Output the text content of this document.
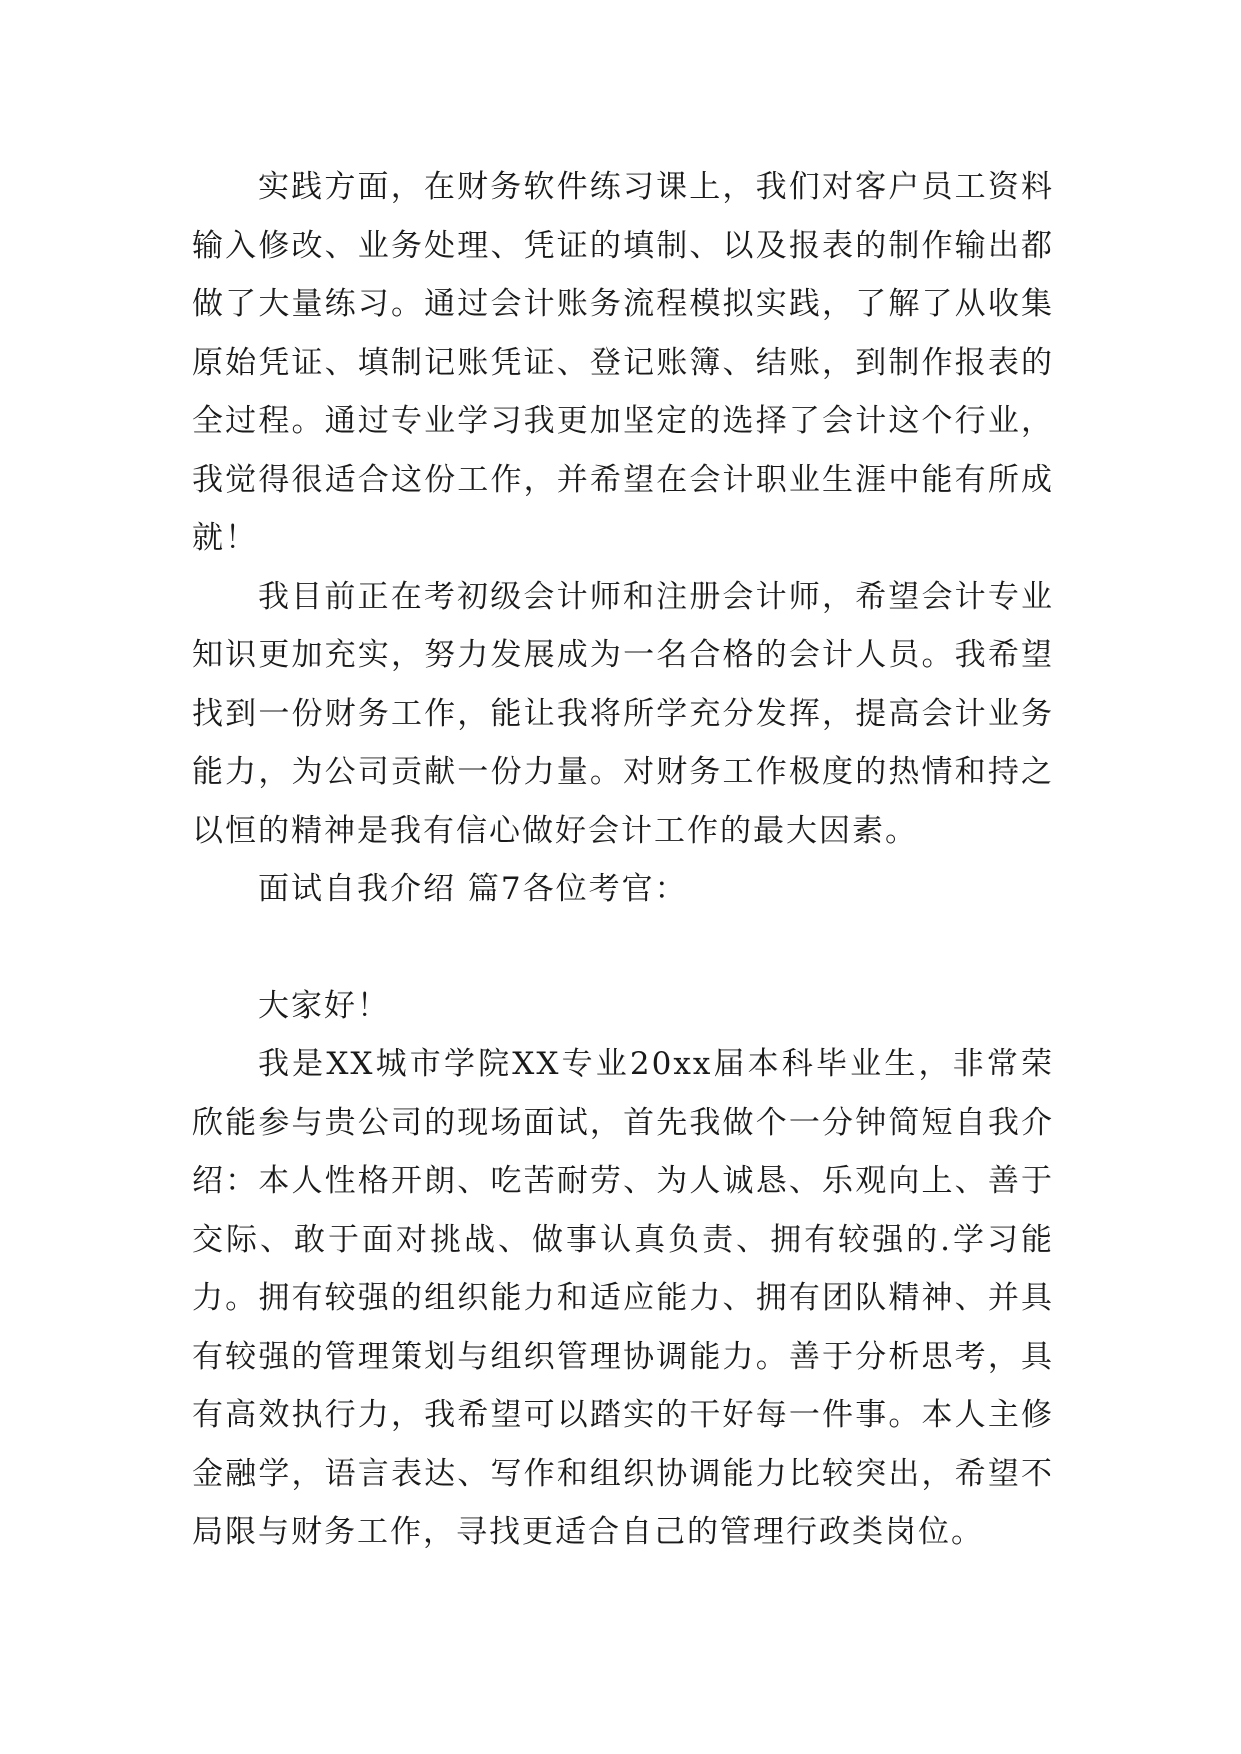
实践方面，在财务软件练习课上，我们对客户员工资料输入修改、业务处理、凭证的填制、以及报表的制作输出都做了大量练习。通过会计账务流程模拟实践，了解了从收集原始凭证、填制记账凭证、登记账簿、结账，到制作报表的全过程。通过专业学习我更加坚定的选择了会计这个行业，我觉得很适合这份工作，并希望在会计职业生涯中能有所成就！

我目前正在考初级会计师和注册会计师，希望会计专业知识更加充实，努力发展成为一名合格的会计人员。我希望找到一份财务工作，能让我将所学充分发挥，提高会计业务能力，为公司贡献一份力量。对财务工作极度的热情和持之以恒的精神是我有信心做好会计工作的最大因素。

面试自我介绍 篇7各位考官：

大家好！

我是XX城市学院XX专业20xx届本科毕业生，非常荣欣能参与贵公司的现场面试，首先我做个一分钟简短自我介绍：本人性格开朗、吃苦耐劳、为人诚恳、乐观向上、善于交际、敢于面对挑战、做事认真负责、拥有较强的.学习能力。拥有较强的组织能力和适应能力、拥有团队精神、并具有较强的管理策划与组织管理协调能力。善于分析思考，具有高效执行力，我希望可以踏实的干好每一件事。本人主修金融学，语言表达、写作和组织协调能力比较突出，希望不局限与财务工作，寻找更适合自己的管理行政类岗位。
